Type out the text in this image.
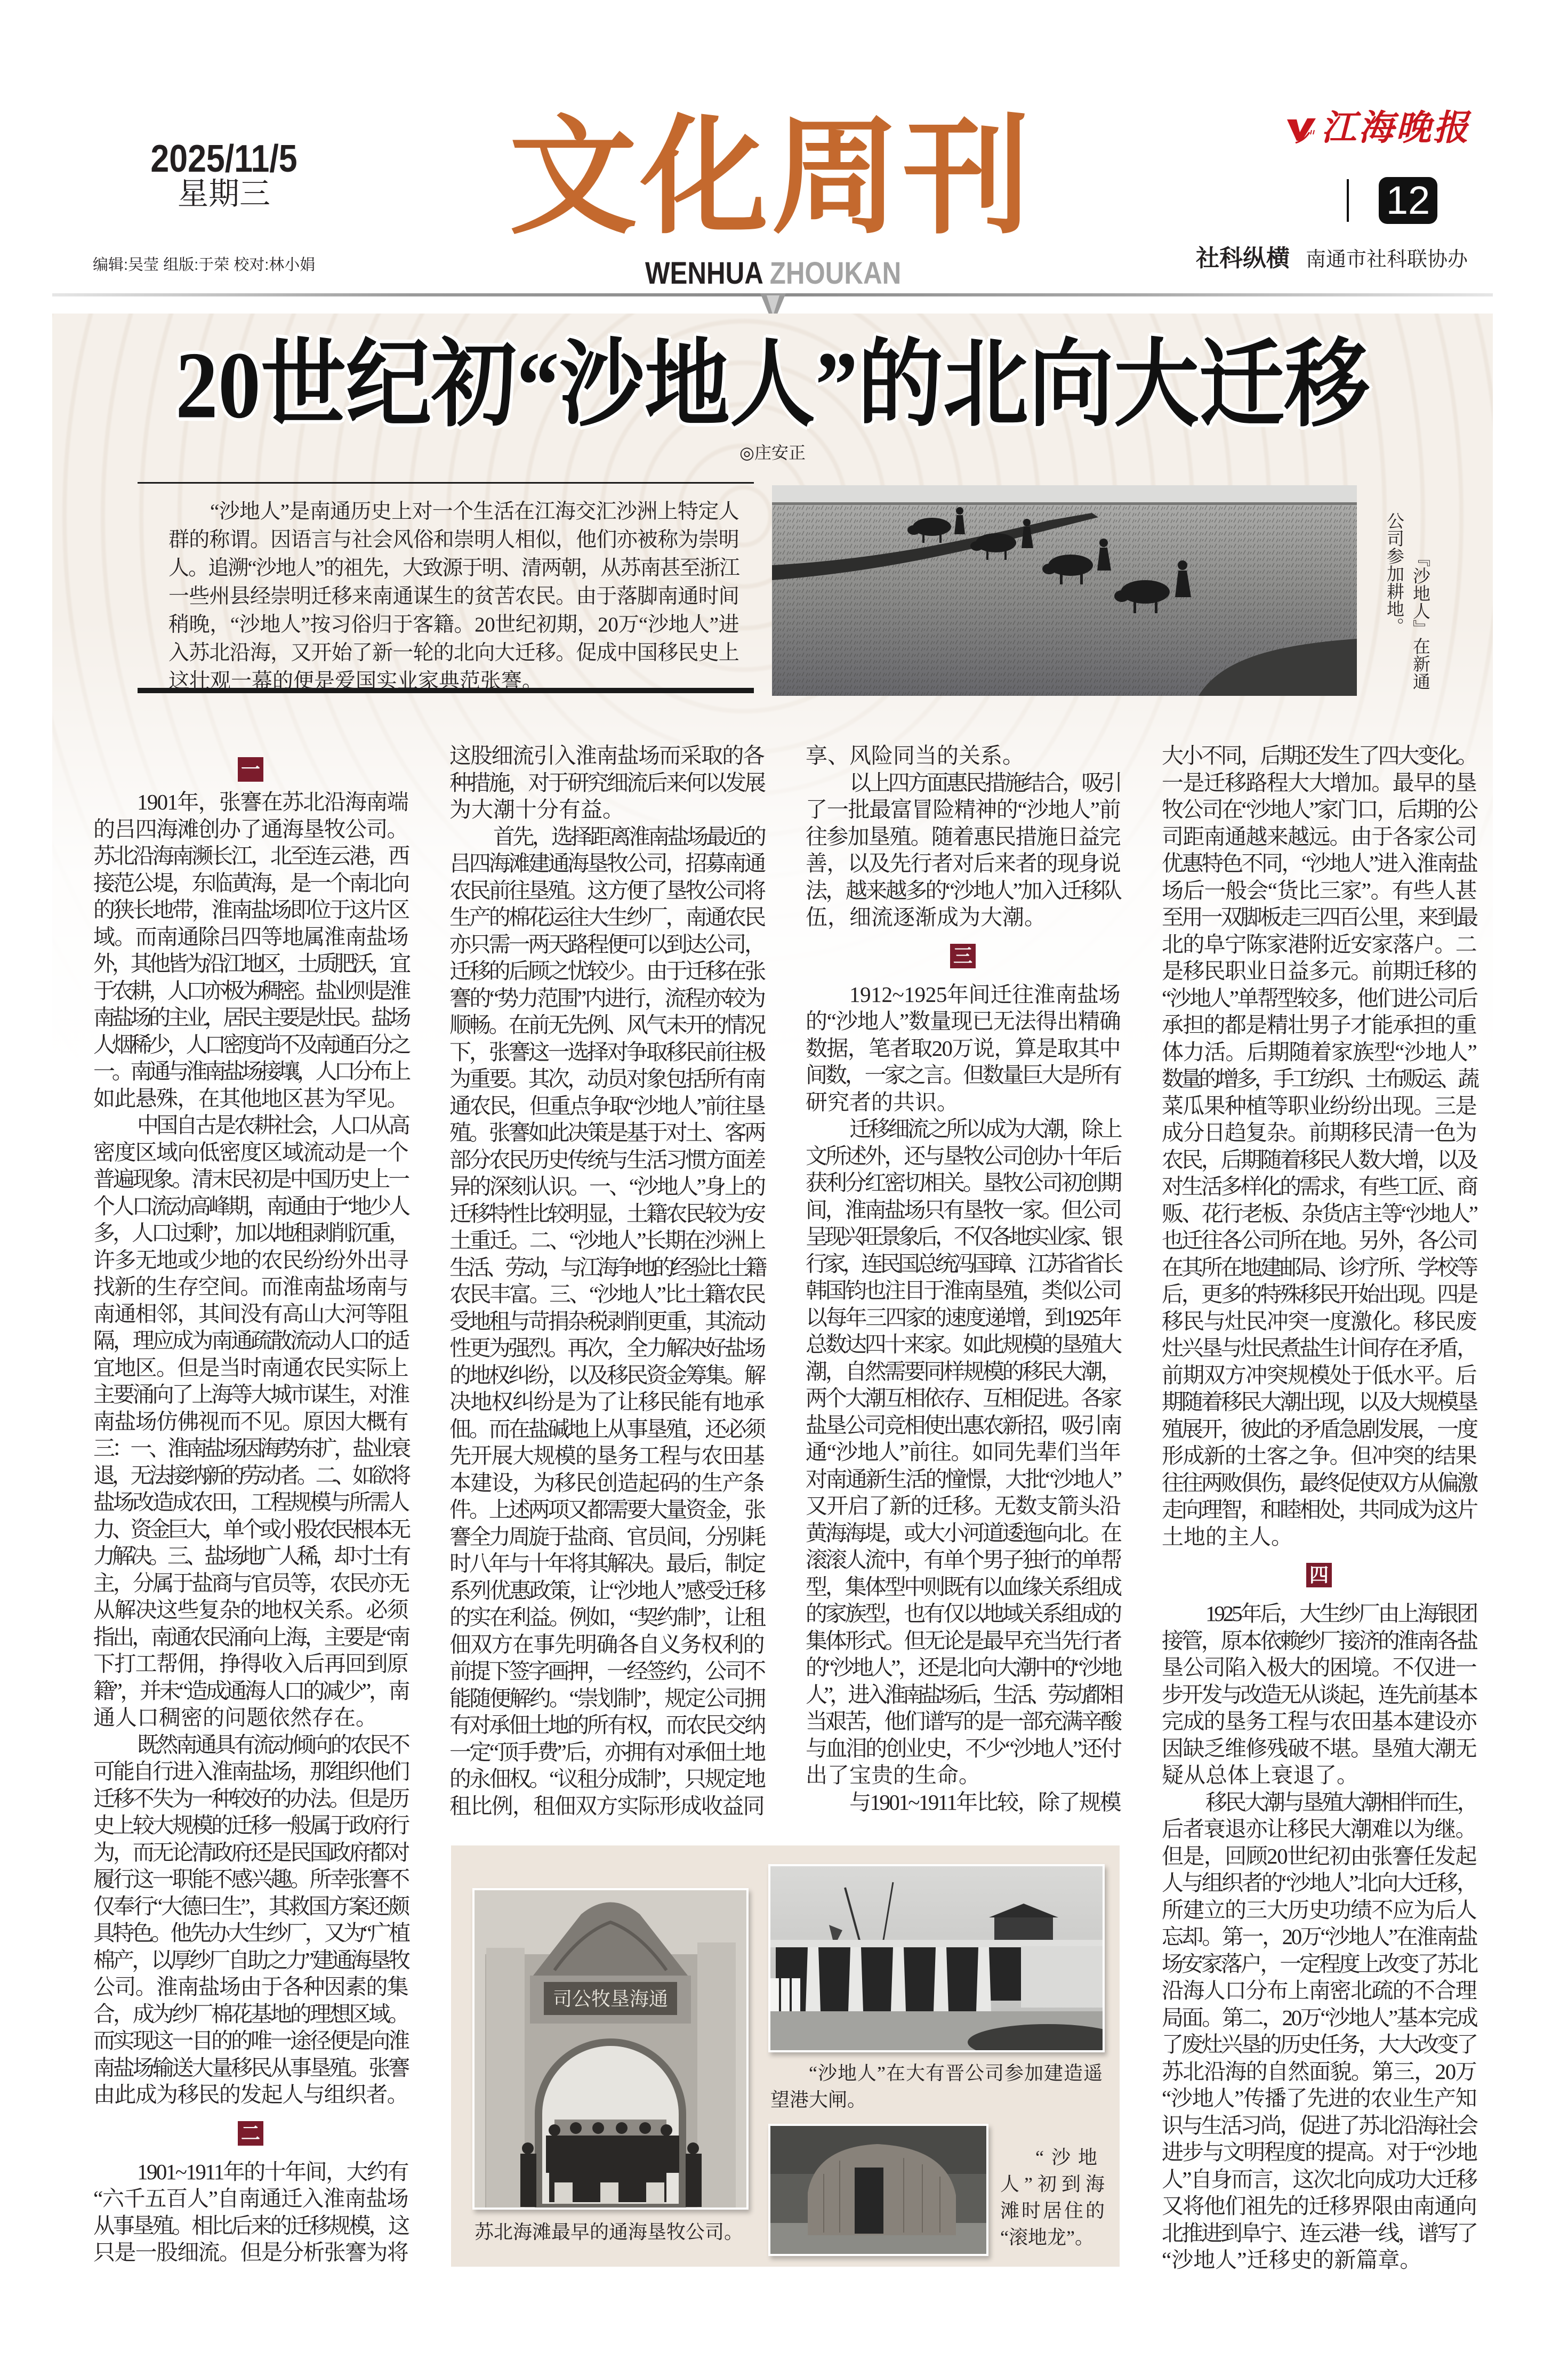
2025/11/5
星期三
编辑:吴莹 组版:于荣 校对:林小娟
文化周刊
WENHUA ZHOUKAN
江海晚报
12
社科纵横 南通市社科联协办
20世纪初“沙地人”的北向大迁移
◎庄安正
“沙地人”是南通历史上对一个生活在江海交汇沙洲上特定人
群的称谓。因语言与社会风俗和崇明人相似，他们亦被称为崇明
人。追溯“沙地人”的祖先，大致源于明、清两朝，从苏南甚至浙江
一些州县经崇明迁移来南通谋生的贫苦农民。由于落脚南通时间
稍晚，“沙地人”按习俗归于客籍。20世纪初期，20万“沙地人”进
入苏北沿海，又开始了新一轮的北向大迁移。促成中国移民史上
这壮观一幕的便是爱国实业家典范张謇。	『沙地人』在新通
公司参加耕地。
一
1901年，张謇在苏北沿海南端
的吕四海滩创办了通海垦牧公司。
苏北沿海南濒长江，北至连云港，西
接范公堤，东临黄海，是一个南北向
的狭长地带，淮南盐场即位于这片区
域。而南通除吕四等地属淮南盐场
外，其他皆为沿江地区，土质肥沃，宜
于农耕，人口亦极为稠密。盐业则是淮
南盐场的主业，居民主要是灶民。盐场
人烟稀少，人口密度尚不及南通百分之
一。南通与淮南盐场接壤，人口分布上
如此悬殊，在其他地区甚为罕见。
中国自古是农耕社会，人口从高
密度区域向低密度区域流动是一个
普遍现象。清末民初是中国历史上一
个人口流动高峰期，南通由于“地少人
多，人口过剩”，加以地租剥削沉重，
许多无地或少地的农民纷纷外出寻
找新的生存空间。而淮南盐场南与
南通相邻，其间没有高山大河等阻
隔，理应成为南通疏散流动人口的适
宜地区。但是当时南通农民实际上
主要涌向了上海等大城市谋生，对淮
南盐场仿佛视而不见。原因大概有
三：一、淮南盐场因海势东扩，盐业衰
退，无法接纳新的劳动者。二、如欲将
盐场改造成农田，工程规模与所需人
力、资金巨大，单个或小股农民根本无
力解决。三、盐场地广人稀，却寸土有
主，分属于盐商与官员等，农民亦无
从解决这些复杂的地权关系。必须
指出，南通农民涌向上海，主要是“南
下打工帮佣，挣得收入后再回到原
籍”，并未“造成通海人口的减少”，南
通人口稠密的问题依然存在。
既然南通具有流动倾向的农民不
可能自行进入淮南盐场，那组织他们
迁移不失为一种较好的办法。但是历
史上较大规模的迁移一般属于政府行
为，而无论清政府还是民国政府都对
履行这一职能不感兴趣。所幸张謇不
仅奉行“大德曰生”，其救国方案还颇
具特色。他先办大生纱厂，又为“广植
棉产，以厚纱厂自助之力”建通海垦牧
公司。淮南盐场由于各种因素的集
合，成为纱厂棉花基地的理想区域。
而实现这一目的的唯一途径便是向淮
南盐场输送大量移民从事垦殖。张謇
由此成为移民的发起人与组织者。
二
1901~1911年的十年间，大约有
“六千五百人”自南通迁入淮南盐场
从事垦殖。相比后来的迁移规模，这
只是一股细流。但是分析张謇为将
这股细流引入淮南盐场而采取的各
种措施，对于研究细流后来何以发展
为大潮十分有益。
首先，选择距离淮南盐场最近的
吕四海滩建通海垦牧公司，招募南通
农民前往垦殖。这方便了垦牧公司将
生产的棉花运往大生纱厂，南通农民
亦只需一两天路程便可以到达公司，
迁移的后顾之忧较少。由于迁移在张
謇的“势力范围”内进行，流程亦较为
顺畅。在前无先例、风气未开的情况
下，张謇这一选择对争取移民前往极
为重要。其次，动员对象包括所有南
通农民，但重点争取“沙地人”前往垦
殖。张謇如此决策是基于对土、客两
部分农民历史传统与生活习惯方面差
异的深刻认识。一、“沙地人”身上的
迁移特性比较明显，土籍农民较为安
土重迁。二、“沙地人”长期在沙洲上
生活、劳动，与江海争地的经验比土籍
农民丰富。三、“沙地人”比土籍农民
受地租与苛捐杂税剥削更重，其流动
性更为强烈。再次，全力解决好盐场
的地权纠纷，以及移民资金筹集。解
决地权纠纷是为了让移民能有地承
佃。而在盐碱地上从事垦殖，还必须
先开展大规模的垦务工程与农田基
本建设，为移民创造起码的生产条
件。上述两项又都需要大量资金，张
謇全力周旋于盐商、官员间，分别耗
时八年与十年将其解决。最后，制定
系列优惠政策，让“沙地人”感受迁移
的实在利益。例如，“契约制”，让租
佃双方在事先明确各自义务权利的
前提下签字画押，一经签约，公司不
能随便解约。“崇划制”，规定公司拥
有对承佃土地的所有权，而农民交纳
一定“顶手费”后，亦拥有对承佃土地
的永佃权。“议租分成制”，只规定地
租比例，租佃双方实际形成收益同
享、风险同当的关系。
以上四方面惠民措施结合，吸引
了一批最富冒险精神的“沙地人”前
往参加垦殖。随着惠民措施日益完
善，以及先行者对后来者的现身说
法，越来越多的“沙地人”加入迁移队
伍，细流逐渐成为大潮。
三
1912~1925年间迁往淮南盐场
的“沙地人”数量现已无法得出精确
数据，笔者取20万说，算是取其中
间数，一家之言。但数量巨大是所有
研究者的共识。
迁移细流之所以成为大潮，除上
文所述外，还与垦牧公司创办十年后
获利分红密切相关。垦牧公司初创期
间，淮南盐场只有垦牧一家。但公司
呈现兴旺景象后，不仅各地实业家、银
行家，连民国总统冯国璋、江苏省省长
韩国钧也注目于淮南垦殖，类似公司
以每年三四家的速度递增，到1925年
总数达四十来家。如此规模的垦殖大
潮，自然需要同样规模的移民大潮，
两个大潮互相依存、互相促进。各家
盐垦公司竞相使出惠农新招，吸引南
通“沙地人”前往。如同先辈们当年
对南通新生活的憧憬，大批“沙地人”
又开启了新的迁移。无数支箭头沿
黄海海堤，或大小河道逶迤向北。在
滚滚人流中，有单个男子独行的单帮
型，集体型中则既有以血缘关系组成
的家族型，也有仅以地域关系组成的
集体形式。但无论是最早充当先行者
的“沙地人”，还是北向大潮中的“沙地
人”，进入淮南盐场后，生活、劳动都相
当艰苦，他们谱写的是一部充满辛酸
与血泪的创业史，不少“沙地人”还付
出了宝贵的生命。
与1901~1911年比较，除了规模
大小不同，后期还发生了四大变化。
一是迁移路程大大增加。最早的垦
牧公司在“沙地人”家门口，后期的公
司距南通越来越远。由于各家公司
优惠特色不同，“沙地人”进入淮南盐
场后一般会“货比三家”。有些人甚
至用一双脚板走三四百公里，来到最
北的阜宁陈家港附近安家落户。二
是移民职业日益多元。前期迁移的
“沙地人”单帮型较多，他们进公司后
承担的都是精壮男子才能承担的重
体力活。后期随着家族型“沙地人”
数量的增多，手工纺织、土布贩运、蔬
菜瓜果种植等职业纷纷出现。三是
成分日趋复杂。前期移民清一色为
农民，后期随着移民人数大增，以及
对生活多样化的需求，有些工匠、商
贩、花行老板、杂货店主等“沙地人”
也迁往各公司所在地。另外，各公司
在其所在地建邮局、诊疗所、学校等
后，更多的特殊移民开始出现。四是
移民与灶民冲突一度激化。移民废
灶兴垦与灶民煮盐生计间存在矛盾，
前期双方冲突规模处于低水平。后
期随着移民大潮出现，以及大规模垦
殖展开，彼此的矛盾急剧发展，一度
形成新的土客之争。但冲突的结果
往往两败俱伤，最终促使双方从偏激
走向理智，和睦相处，共同成为这片
土地的主人。
四
1925年后，大生纱厂由上海银团
接管，原本依赖纱厂接济的淮南各盐
垦公司陷入极大的困境。不仅进一
步开发与改造无从谈起，连先前基本
完成的垦务工程与农田基本建设亦
因缺乏维修残破不堪。垦殖大潮无
疑从总体上衰退了。
移民大潮与垦殖大潮相伴而生，
后者衰退亦让移民大潮难以为继。
但是，回顾20世纪初由张謇任发起
人与组织者的“沙地人”北向大迁移，
所建立的三大历史功绩不应为后人
忘却。第一，20万“沙地人”在淮南盐
场安家落户，一定程度上改变了苏北
沿海人口分布上南密北疏的不合理
局面。第二，20万“沙地人”基本完成
了废灶兴垦的历史任务，大大改变了
苏北沿海的自然面貌。第三，20万
“沙地人”传播了先进的农业生产知
识与生活习尚，促进了苏北沿海社会
进步与文明程度的提高。对于“沙地
人”自身而言，这次北向成功大迁移
又将他们祖先的迁移界限由南通向
北推进到阜宁、连云港一线，谱写了
“沙地人”迁移史的新篇章。
通海垦牧公司
苏北海滩最早的通海垦牧公司。
“沙地人”在大有晋公司参加建造遥望港大闸。
“沙地
人”初到海
滩时居住的
“滚地龙”。
